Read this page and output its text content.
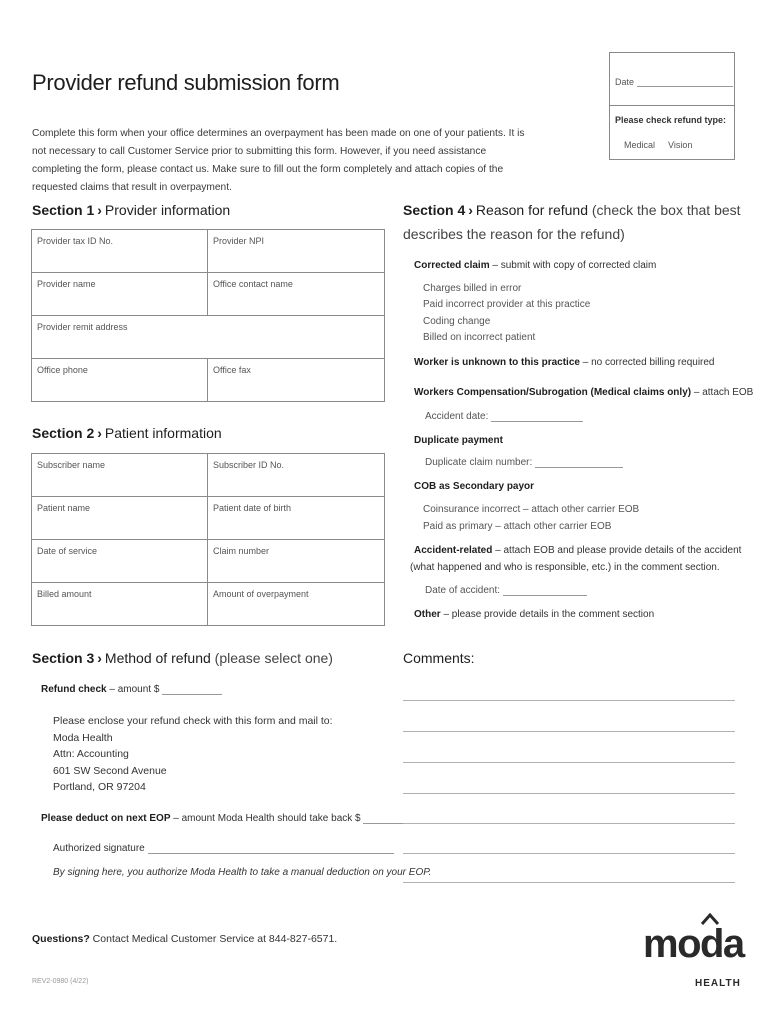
Provider refund submission form
Complete this form when your office determines an overpayment has been made on one of your patients. It is not necessary to call Customer Service prior to submitting this form. However, if you need assistance completing the form, please contact us. Make sure to fill out the form completely and attach copies of the requested claims that result in overpayment.
Date
Please check refund type:
Medical Vision
Section 1 › Provider information
Provider tax ID No.	Provider NPI
Provider name	Office contact name
Provider remit address	
Office phone	Office fax
Section 2 › Patient information
Subscriber name	Subscriber ID No.
Patient name	Patient date of birth
Date of service	Claim number
Billed amount	Amount of overpayment
Section 3 › Method of refund (please select one)
Refund check – amount $
Please enclose your refund check with this form and mail to:
Moda Health
Attn: Accounting
601 SW Second Avenue
Portland, OR 97204
Please deduct on next EOP – amount Moda Health should take back $
Authorized signature
By signing here, you authorize Moda Health to take a manual deduction on your EOP.
Section 4 › Reason for refund (check the box that best
describes the reason for the refund)
Corrected claim – submit with copy of corrected claim
Charges billed in error
Paid incorrect provider at this practice
Coding change
Billed on incorrect patient
Worker is unknown to this practice – no corrected billing required
Workers Compensation/Subrogation (Medical claims only) – attach EOB
Accident date:
Duplicate payment
Duplicate claim number:
COB as Secondary payor
Coinsurance incorrect – attach other carrier EOB
Paid as primary – attach other carrier EOB
Accident-related – attach EOB and please provide details of the accident
(what happened and who is responsible, etc.) in the comment section.
Date of accident:
Other – please provide details in the comment section
Comments:
Questions? Contact Medical Customer Service at 844-827-6571.
REV2-0980 (4/22)
moda
HEALTH
